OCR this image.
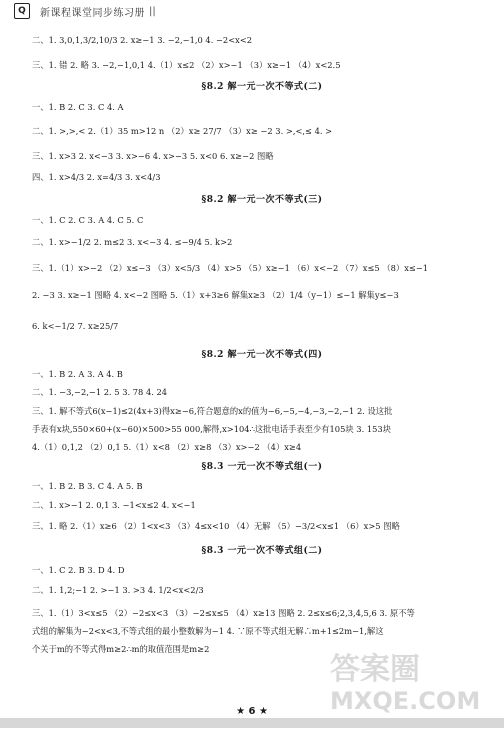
Q	新课程课堂同步练习册 ||
二、1. 3,0,1,3/2,10/3 2. x≥−1 3. −2,−1,0 4. −2<x<2
三、1. 错 2. 略 3. −2,−1,0,1 4.（1）x≤2 （2）x>−1 （3）x≥−1 （4）x<2.5
§8.2 解一元一次不等式(二)
一、1. B 2. C 3. C 4. A
二、1. >,>,< 2.（1）35 m>12 n （2）x≥ 27/7 （3）x≥ −2 3. >,<,≤ 4. >
三、1. x>3 2. x<−3 3. x>−6 4. x>−3 5. x<0 6. x≥−2 图略
四、1. x>4/3 2. x=4/3 3. x<4/3
§8.2 解一元一次不等式(三)
一、1. C 2. C 3. A 4. C 5. C
二、1. x>−1/2 2. m≤2 3. x<−3 4. ≤−9/4 5. k>2
三、1.（1）x>−2 （2）x≤−3 （3）x<5/3 （4）x>5 （5）x≥−1 （6）x<−2 （7）x≤5 （8）x≤−1
2. −3 3. x≥−1 图略 4. x<−2 图略 5.（1）x+3≥6 解集x≥3 （2）1/4（y−1）≤−1 解集y≤−3
6. k<−1/2 7. x≥25/7
§8.2 解一元一次不等式(四)
一、1. B 2. A 3. A 4. B
二、1. −3,−2,−1 2. 5 3. 78 4. 24
三、1. 解不等式6(x−1)≤2(4x+3)得x≥−6,符合题意的x的值为−6,−5,−4,−3,−2,−1 2. 设这批
手表有x块,550×60+(x−60)×500>55 000,解得,x>104∴这批电话手表至少有105块 3. 153块
4.（1）0,1,2 （2）0,1 5.（1）x<8 （2）x≥8 （3）x>−2 （4）x≥4
§8.3 一元一次不等式组(一)
一、1. B 2. B 3. C 4. A 5. B
二、1. x>−1 2. 0,1 3. −1<x≤2 4. x<−1
三、1. 略 2.（1）x≥6 （2）1<x<3 （3）4≤x<10 （4）无解 （5）−3/2<x≤1 （6）x>5 图略
§8.3 一元一次不等式组(二)
一、1. C 2. B 3. D 4. D
二、1. 1,2;−1 2. >−1 3. >3 4. 1/2<x<2/3
三、1.（1）3<x≤5 （2）−2≤x<3 （3）−2≤x≤5 （4）x≥13 图略 2. 2≤x≤6;2,3,4,5,6 3. 原不等
式组的解集为−2<x<3,不等式组的最小整数解为−1 4. ∵原不等式组无解∴m+1≤2m−1,解这
个关于m的不等式得m≥2∴m的取值范围是m≥2
答案圈
MXQE.COM
★ 6 ★
